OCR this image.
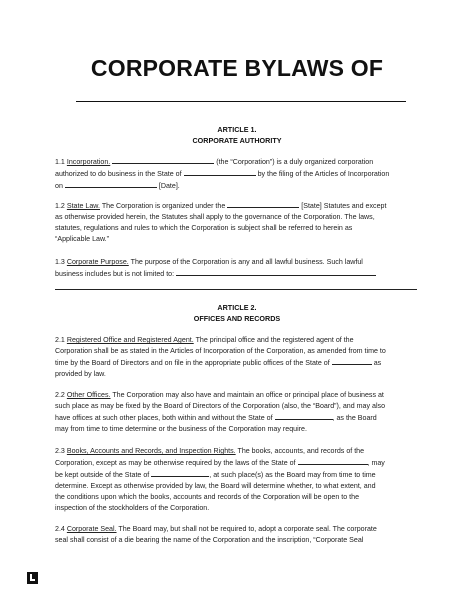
CORPORATE BYLAWS OF
ARTICLE 1.
CORPORATE AUTHORITY
1.1 Incorporation.	(the “Corporation”) is a duly organized corporation
authorized to do business in the State of	by the filing of the Articles of Incorporation
on	[Date].
1.2 State Law. The Corporation is organized under the	[State] Statutes and except
as otherwise provided herein, the Statutes shall apply to the governance of the Corporation. The laws,
statutes, regulations and rules to which the Corporation is subject shall be referred to herein as
“Applicable Law.”
1.3 Corporate Purpose. The purpose of the Corporation is any and all lawful business. Such lawful
business includes but is not limited to:
ARTICLE 2.
OFFICES AND RECORDS
2.1 Registered Office and Registered Agent. The principal office and the registered agent of the
Corporation shall be as stated in the Articles of Incorporation of the Corporation, as amended from time to
time by the Board of Directors and on file in the appropriate public offices of the State of	as
provided by law.
2.2 Other Offices. The Corporation may also have and maintain an office or principal place of business at
such place as may be fixed by the Board of Directors of the Corporation (also, the “Board”), and may also
have offices at such other places, both within and without the State of	, as the Board
may from time to time determine or the business of the Corporation may require.
2.3 Books, Accounts and Records, and Inspection Rights. The books, accounts, and records of the
Corporation, except as may be otherwise required by the laws of the State of	, may
be kept outside of the State of	, at such place(s) as the Board may from time to time
determine. Except as otherwise provided by law, the Board will determine whether, to what extent, and
the conditions upon which the books, accounts and records of the Corporation will be open to the
inspection of the stockholders of the Corporation.
2.4 Corporate Seal. The Board may, but shall not be required to, adopt a corporate seal. The corporate
seal shall consist of a die bearing the name of the Corporation and the inscription, “Corporate Seal
